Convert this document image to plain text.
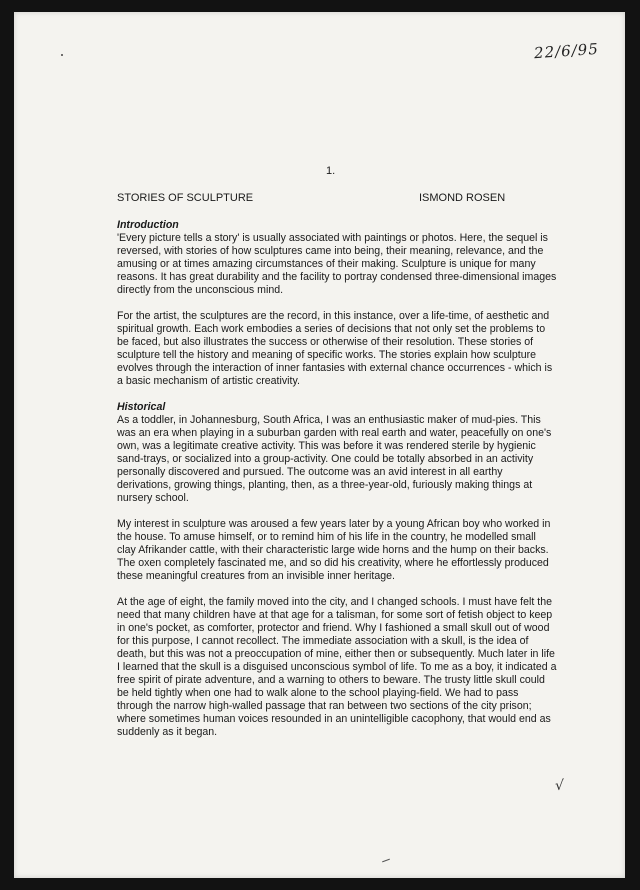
22/6/95
1.
STORIES OF SCULPTURE	ISMOND ROSEN
Introduction

'Every picture tells a story' is usually associated with paintings or photos. Here, the sequel is reversed, with stories of how sculptures came into being, their meaning, relevance, and the amusing or at times amazing circumstances of their making. Sculpture is unique for many reasons. It has great durability and the facility to portray condensed three-dimensional images directly from the unconscious mind.

For the artist, the sculptures are the record, in this instance, over a life-time, of aesthetic and spiritual growth. Each work embodies a series of decisions that not only set the problems to be faced, but also illustrates the success or otherwise of their resolution. These stories of sculpture tell the history and meaning of specific works. The stories explain how sculpture evolves through the interaction of inner fantasies with external chance occurrences - which is a basic mechanism of artistic creativity.

Historical

As a toddler, in Johannesburg, South Africa, I was an enthusiastic maker of mud-pies. This was an era when playing in a suburban garden with real earth and water, peacefully on one's own, was a legitimate creative activity. This was before it was rendered sterile by hygienic sand-trays, or socialized into a group-activity. One could be totally absorbed in an activity personally discovered and pursued. The outcome was an avid interest in all earthy derivations, growing things, planting, then, as a three-year-old, furiously making things at nursery school.

My interest in sculpture was aroused a few years later by a young African boy who worked in the house. To amuse himself, or to remind him of his life in the country, he modelled small clay Afrikander cattle, with their characteristic large wide horns and the hump on their backs. The oxen completely fascinated me, and so did his creativity, where he effortlessly produced these meaningful creatures from an invisible inner heritage.

At the age of eight, the family moved into the city, and I changed schools. I must have felt the need that many children have at that age for a talisman, for some sort of fetish object to keep in one's pocket, as comforter, protector and friend. Why I fashioned a small skull out of wood for this purpose, I cannot recollect. The immediate association with a skull, is the idea of death, but this was not a preoccupation of mine, either then or subsequently. Much later in life I learned that the skull is a disguised unconscious symbol of life. To me as a boy, it indicated a free spirit of pirate adventure, and a warning to others to beware. The trusty little skull could be held tightly when one had to walk alone to the school playing-field. We had to pass through the narrow high-walled passage that ran between two sections of the city prison; where sometimes human voices resounded in an unintelligible cacophony, that would end as suddenly as it began.

√
